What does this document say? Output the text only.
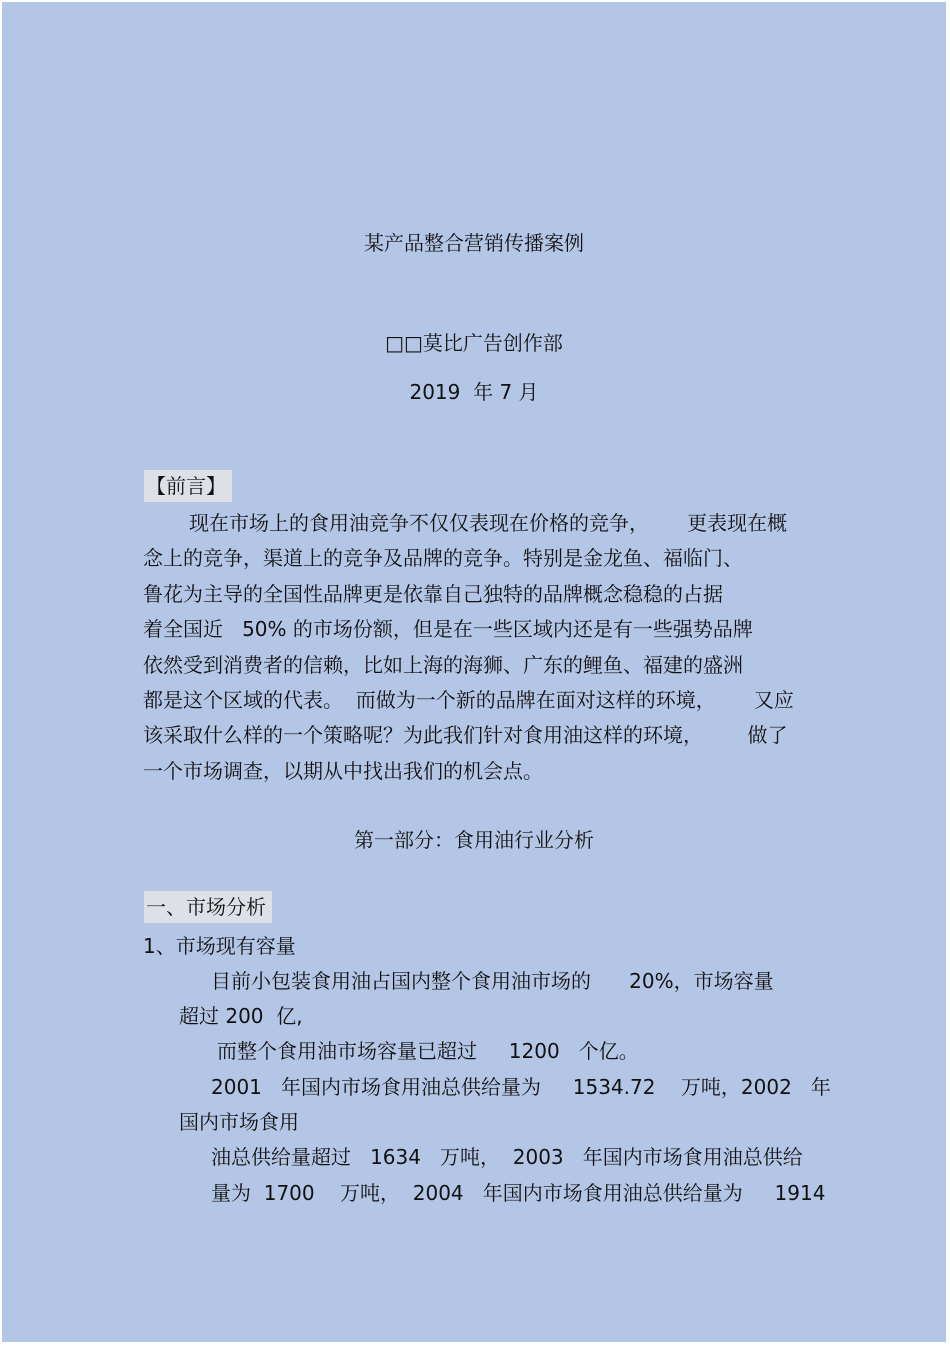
某产品整合营销传播案例
□□莫比广告创作部
2019  年 7 月
【前言】
现在市场上的食用油竞争不仅仅表现在价格的竞争，      更表现在概
念上的竞争，渠道上的竞争及品牌的竞争。特别是金龙鱼、福临门、
鲁花为主导的全国性品牌更是依靠自己独特的品牌概念稳稳的占据
着全国近   50% 的市场份额，但是在一些区域内还是有一些强势品牌
依然受到消费者的信赖，比如上海的海狮、广东的鲤鱼、福建的盛洲
都是这个区域的代表。  而做为一个新的品牌在面对这样的环境，      又应
该采取什么样的一个策略呢？为此我们针对食用油这样的环境，       做了
一个市场调查，以期从中找出我们的机会点。
第一部分：食用油行业分析
一、市场分析
1、市场现有容量
目前小包装食用油占国内整个食用油市场的      20%，市场容量
超过 200  亿,
而整个食用油市场容量已超过     1200   个亿。
2001   年国内市场食用油总供给量为     1534.72    万吨，2002   年
国内市场食用
油总供给量超过   1634   万吨，  2003   年国内市场食用油总供给
量为  1700    万吨，  2004   年国内市场食用油总供给量为     1914
